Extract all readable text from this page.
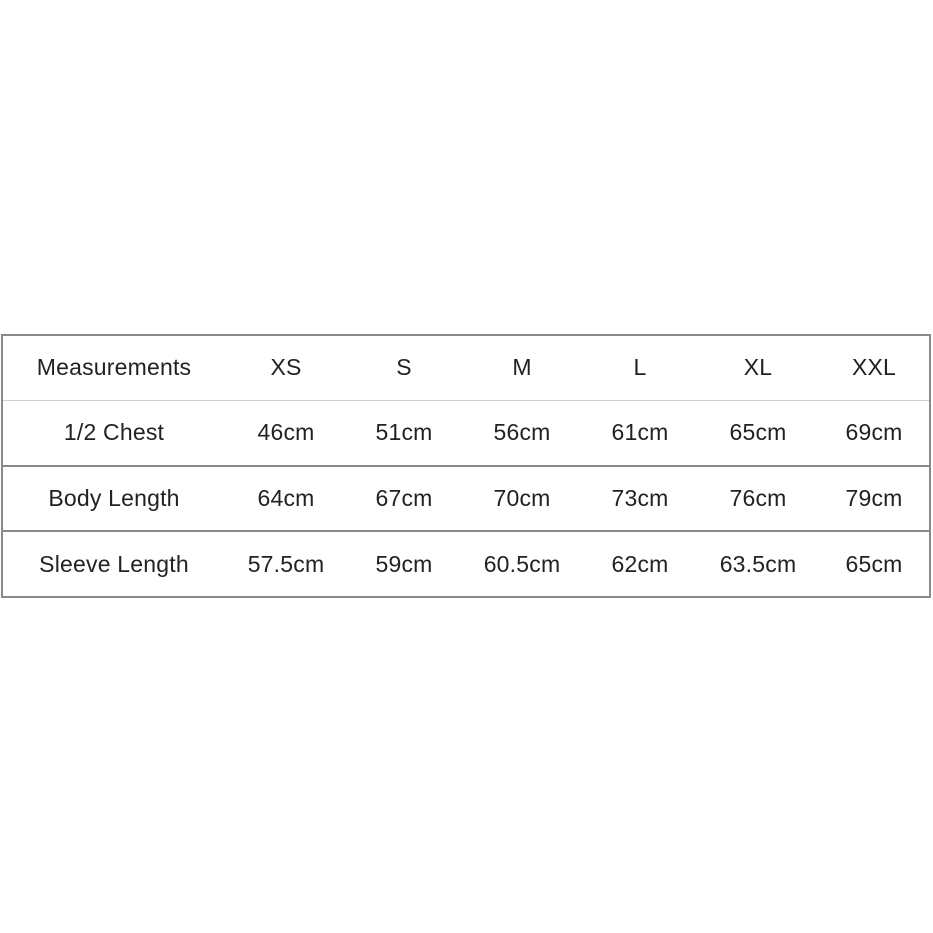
Measurements	XS	S	M	L	XL	XXL
1/2 Chest	46cm	51cm	56cm	61cm	65cm	69cm
Body Length	64cm	67cm	70cm	73cm	76cm	79cm
Sleeve Length	57.5cm	59cm	60.5cm	62cm	63.5cm	65cm
